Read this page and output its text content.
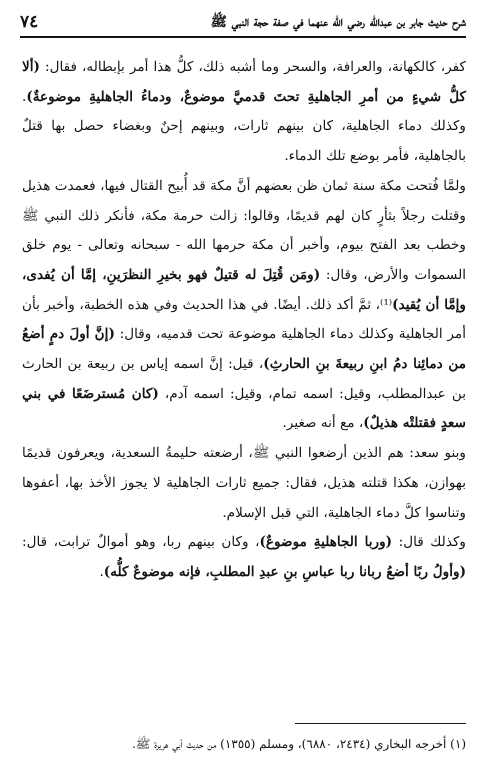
٧٤	شرح حديث جابر بن عبدالله رضي الله عنهما في صفة حجة النبي ﷺ

كفر، كالكهانة، والعرافة، والسحر وما أشبه ذلك، كلُّ هذا أمر بإبطاله، فقال: (ألا كلُّ شيءٍ من أمرِ الجاهليةِ تحتَ قدميَّ موضوعٌ، ودماءُ الجاهليةِ موضوعةٌ). وكذلك دماء الجاهلية، كان بينهم ثارات، وبينهم إحنٌ وبغضاء حصل بها قتلٌ بالجاهلية، فأمر بوضع تلك الدماء.

ولمَّا فُتحت مكة سنة ثمان ظن بعضهم أنَّ مكة قد أُبيح القتال فيها، فعمدت هذيل وقتلت رجلاً بثأرٍ كان لهم قديمًا، وقالوا: زالت حرمة مكة، فأنكر ذلك النبي ﷺ وخطب بعد الفتح بيوم، وأخبر أن مكة حرمها الله - سبحانه وتعالى - يوم خلق السموات والأرض، وقال: (ومَن قُتِلَ له قتيلٌ فهو بخيرِ النظرَينِ، إمَّا أن يُفدى، وإمَّا أن يُقيد)⁽¹⁾، ثمَّ أكد ذلك. أيضًا. في هذا الحديث وفي هذه الخطبة، وأخبر بأن أمر الجاهلية وكذلك دماء الجاهلية موضوعة تحت قدميه، وقال: (إنَّ أولَ دمٍ أضعُ من دمائِنا دمُ ابنِ ربيعةَ بنِ الحارثِ)، قيل: إنَّ اسمه إياس بن ربيعة بن الحارث بن عبدالمطلب، وقيل: اسمه تمام، وقيل: اسمه آدم، (كان مُسترضَعًا في بني سعدٍ فقتلتْه هذيلٌ)، مع أنه صغير.

وبنو سعد: هم الذين أرضعوا النبي ﷺ، أرضعته حليمةُ السعدية، ويعرفون قديمًا بهوازن، هكذا قتلته هذيل، فقال: جميع ثارات الجاهلية لا يجوز الأخذ بها، أعفوها وتناسوا كلَّ دماء الجاهلية، التي قبل الإسلام.

وكذلك قال: (وربا الجاهليةِ موضوعٌ)، وكان بينهم ربا، وهو أموالٌ ترابت، قال: (وأولُ ربًا أضعُ ربانا ربا عباسِ بنِ عبدِ المطلبِ، فإنه موضوعٌ كلُّه).

(١) أخرجه البخاري (٢٤٣٤، ٦٨٨٠)، ومسلم (١٣٥٥) من حديث أبي هريرة ﷺ.
